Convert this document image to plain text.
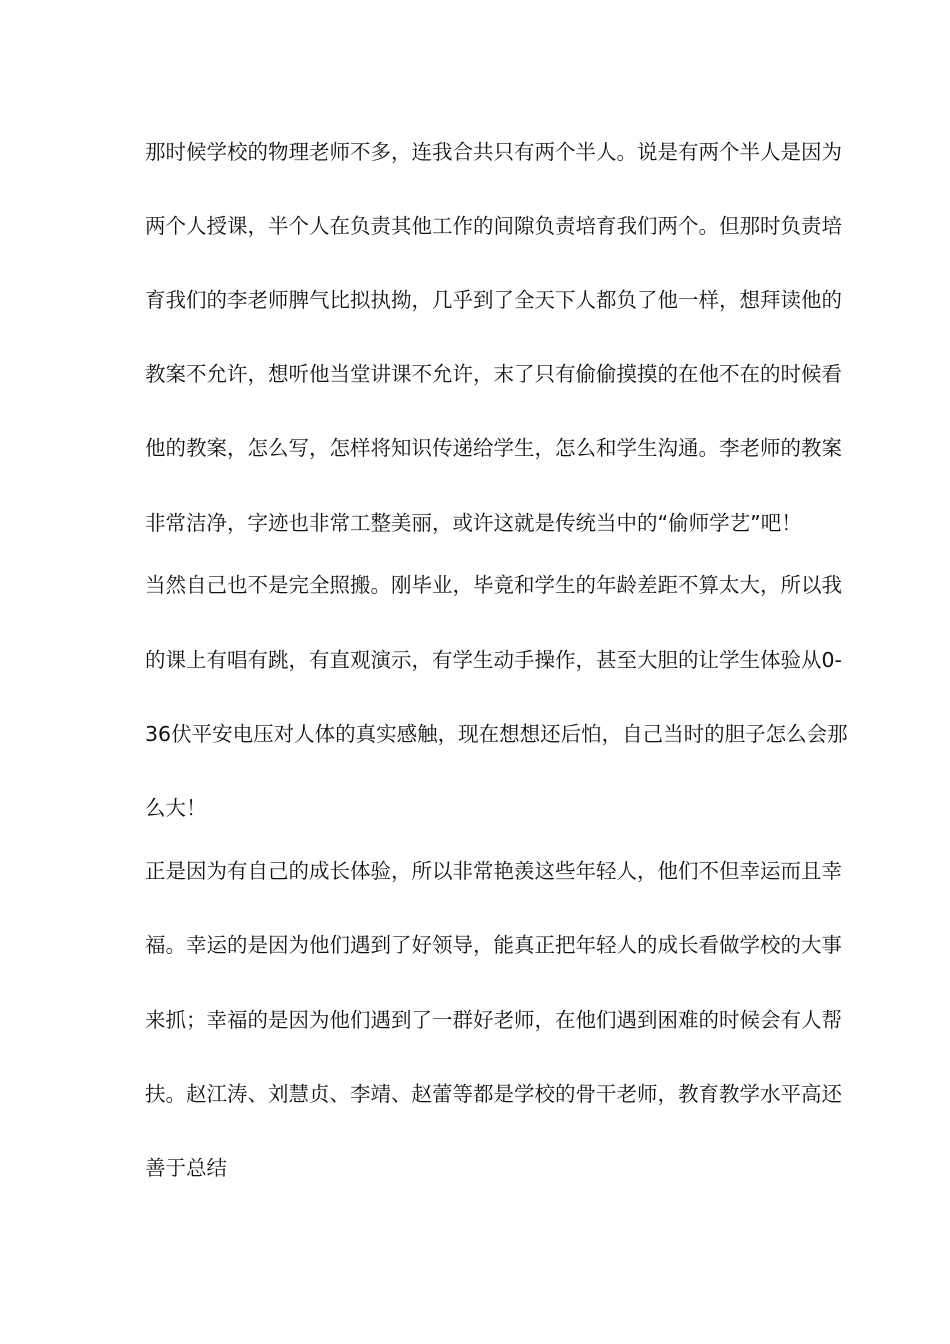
那时候学校的物理老师不多，连我合共只有两个半人。说是有两个半人是因为
两个人授课，半个人在负责其他工作的间隙负责培育我们两个。但那时负责培
育我们的李老师脾气比拟执拗，几乎到了全天下人都负了他一样，想拜读他的
教案不允许，想听他当堂讲课不允许，末了只有偷偷摸摸的在他不在的时候看
他的教案，怎么写，怎样将知识传递给学生，怎么和学生沟通。李老师的教案
非常洁净，字迹也非常工整美丽，或许这就是传统当中的“偷师学艺”吧！
当然自己也不是完全照搬。刚毕业，毕竟和学生的年龄差距不算太大，所以我
的课上有唱有跳，有直观演示，有学生动手操作，甚至大胆的让学生体验从0-
36伏平安电压对人体的真实感触，现在想想还后怕，自己当时的胆子怎么会那
么大！
正是因为有自己的成长体验，所以非常艳羡这些年轻人，他们不但幸运而且幸
福。幸运的是因为他们遇到了好领导，能真正把年轻人的成长看做学校的大事
来抓；幸福的是因为他们遇到了一群好老师，在他们遇到困难的时候会有人帮
扶。赵江涛、刘慧贞、李靖、赵蕾等都是学校的骨干老师，教育教学水平高还
善于总结
